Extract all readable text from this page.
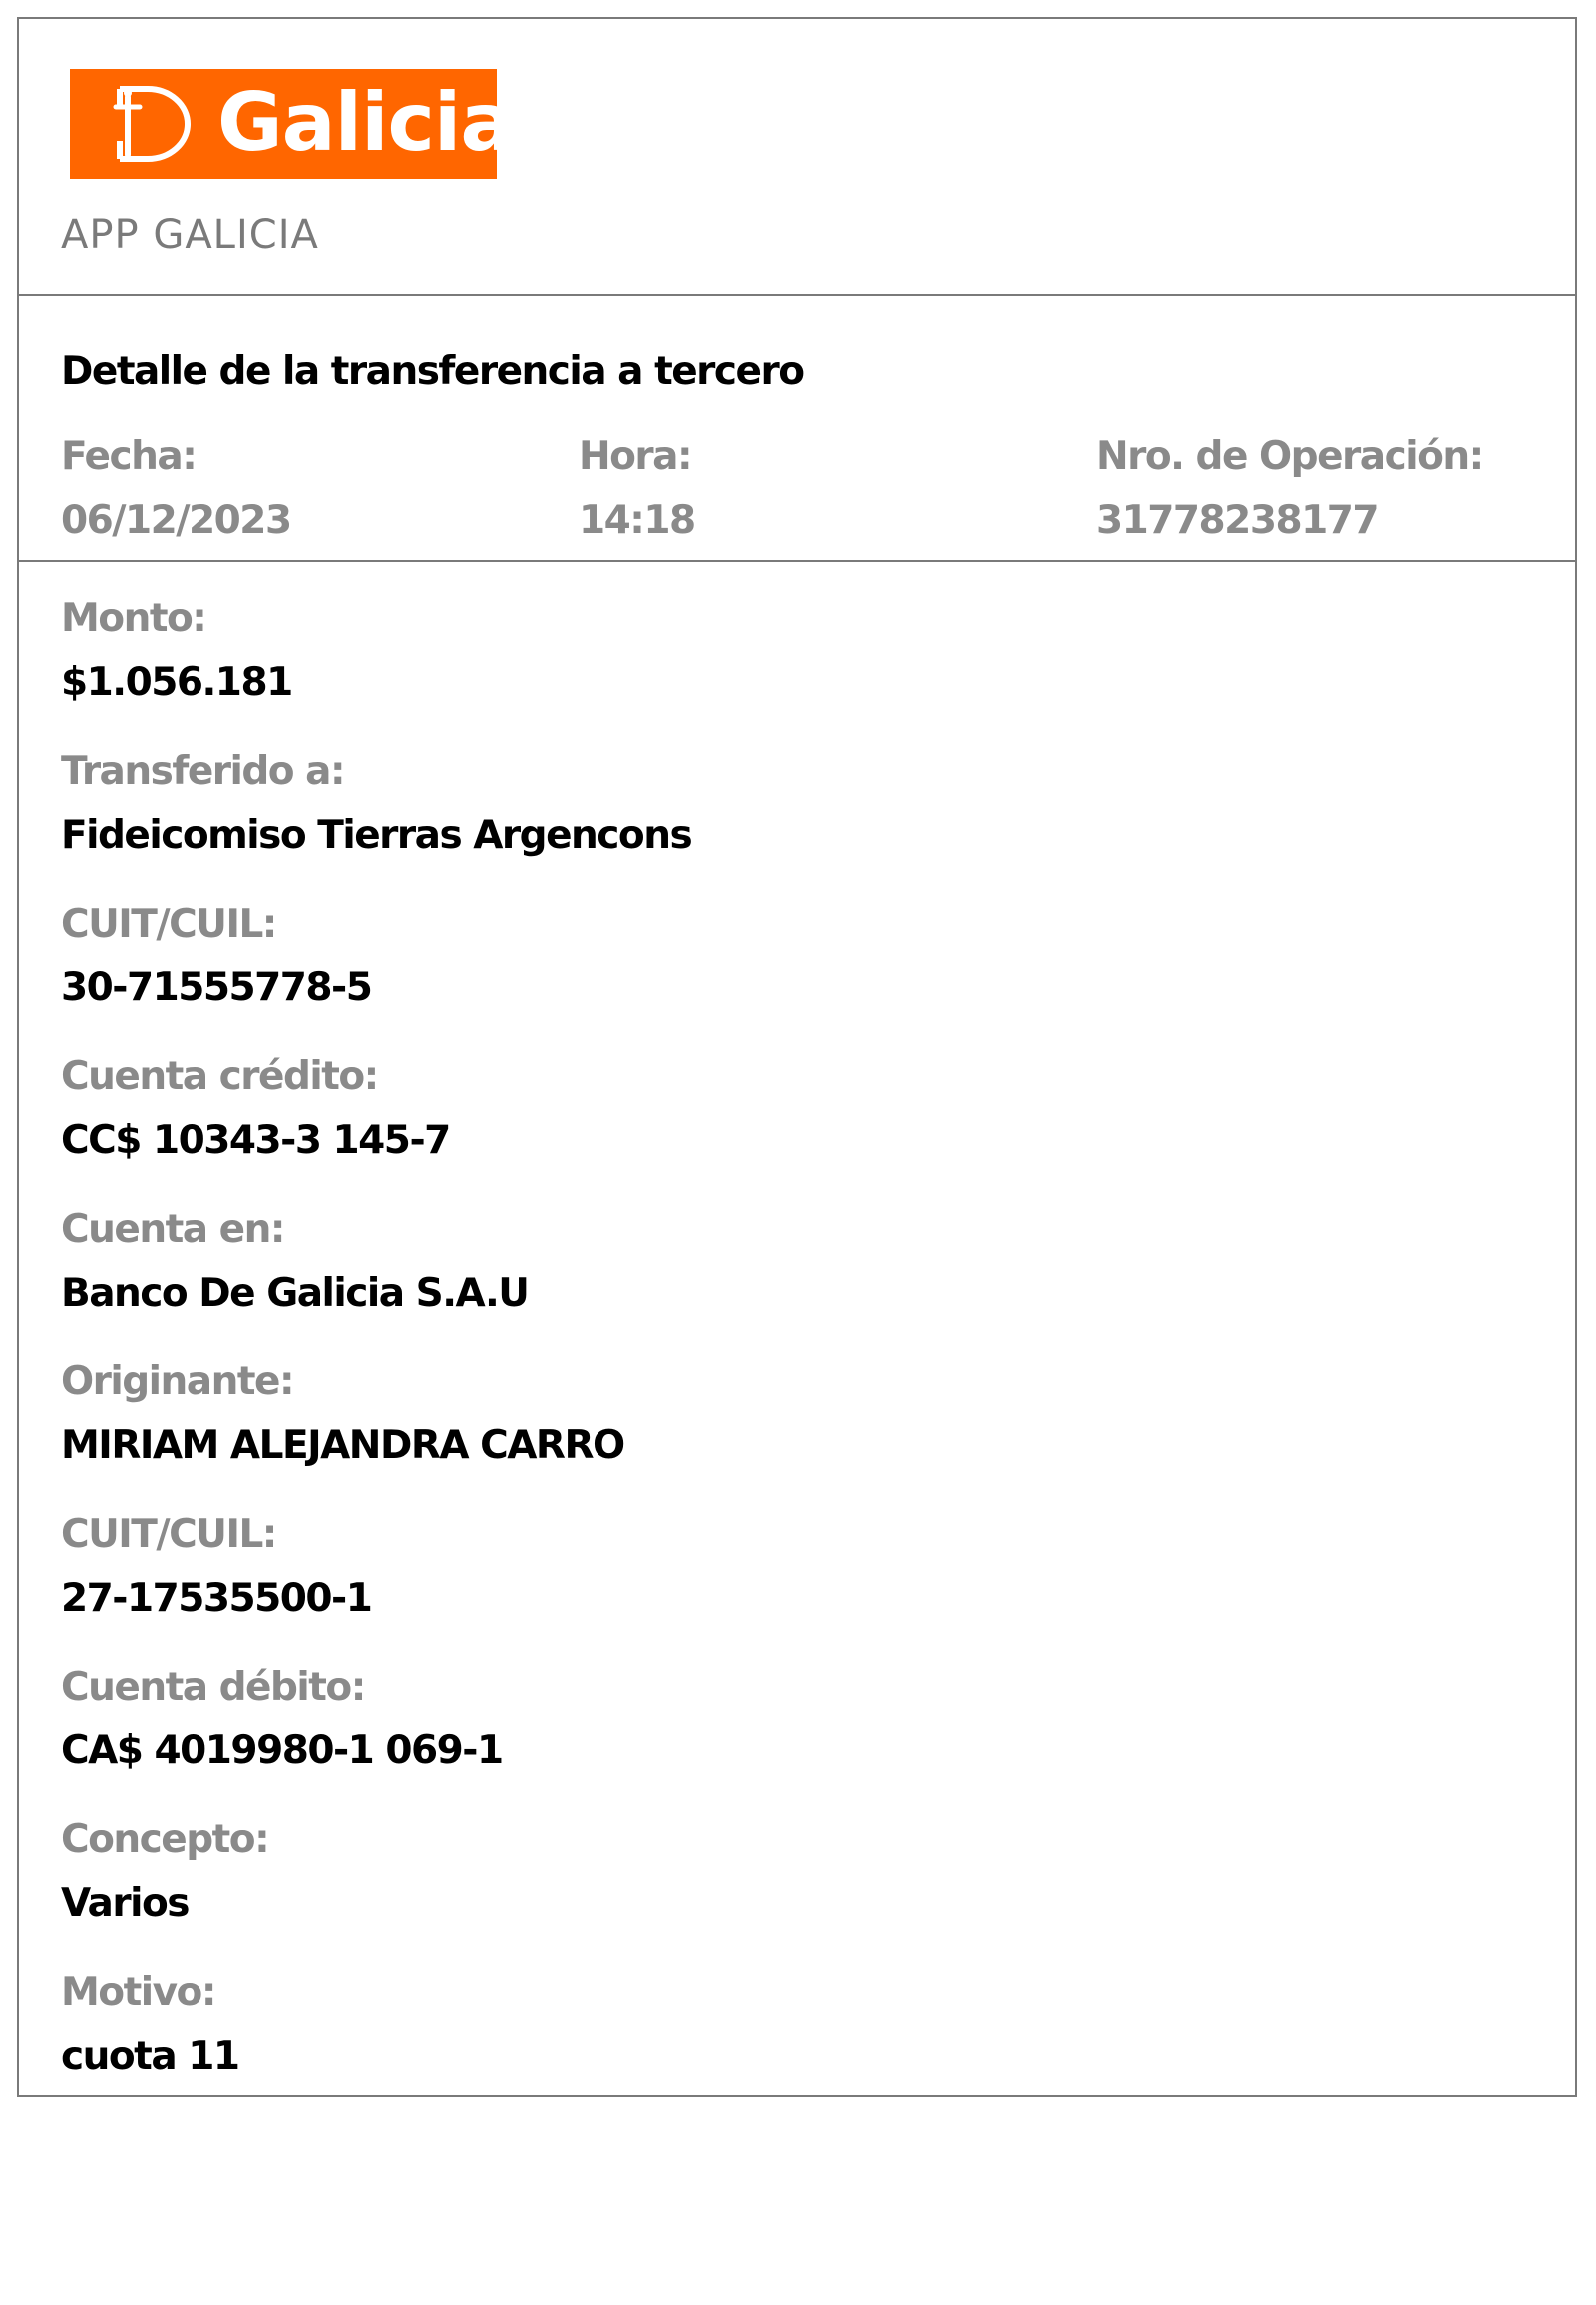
Galicia
APP GALICIA
Detalle de la transferencia a tercero
Fecha:
06/12/2023
Hora:
14:18
Nro. de Operación:
31778238177
Monto:
$1.056.181
Transferido a:
Fideicomiso Tierras Argencons
CUIT/CUIL:
30-71555778-5
Cuenta crédito:
CC$ 10343-3 145-7
Cuenta en:
Banco De Galicia S.A.U
Originante:
MIRIAM ALEJANDRA CARRO
CUIT/CUIL:
27-17535500-1
Cuenta débito:
CA$ 4019980-1 069-1
Concepto:
Varios
Motivo:
cuota 11
